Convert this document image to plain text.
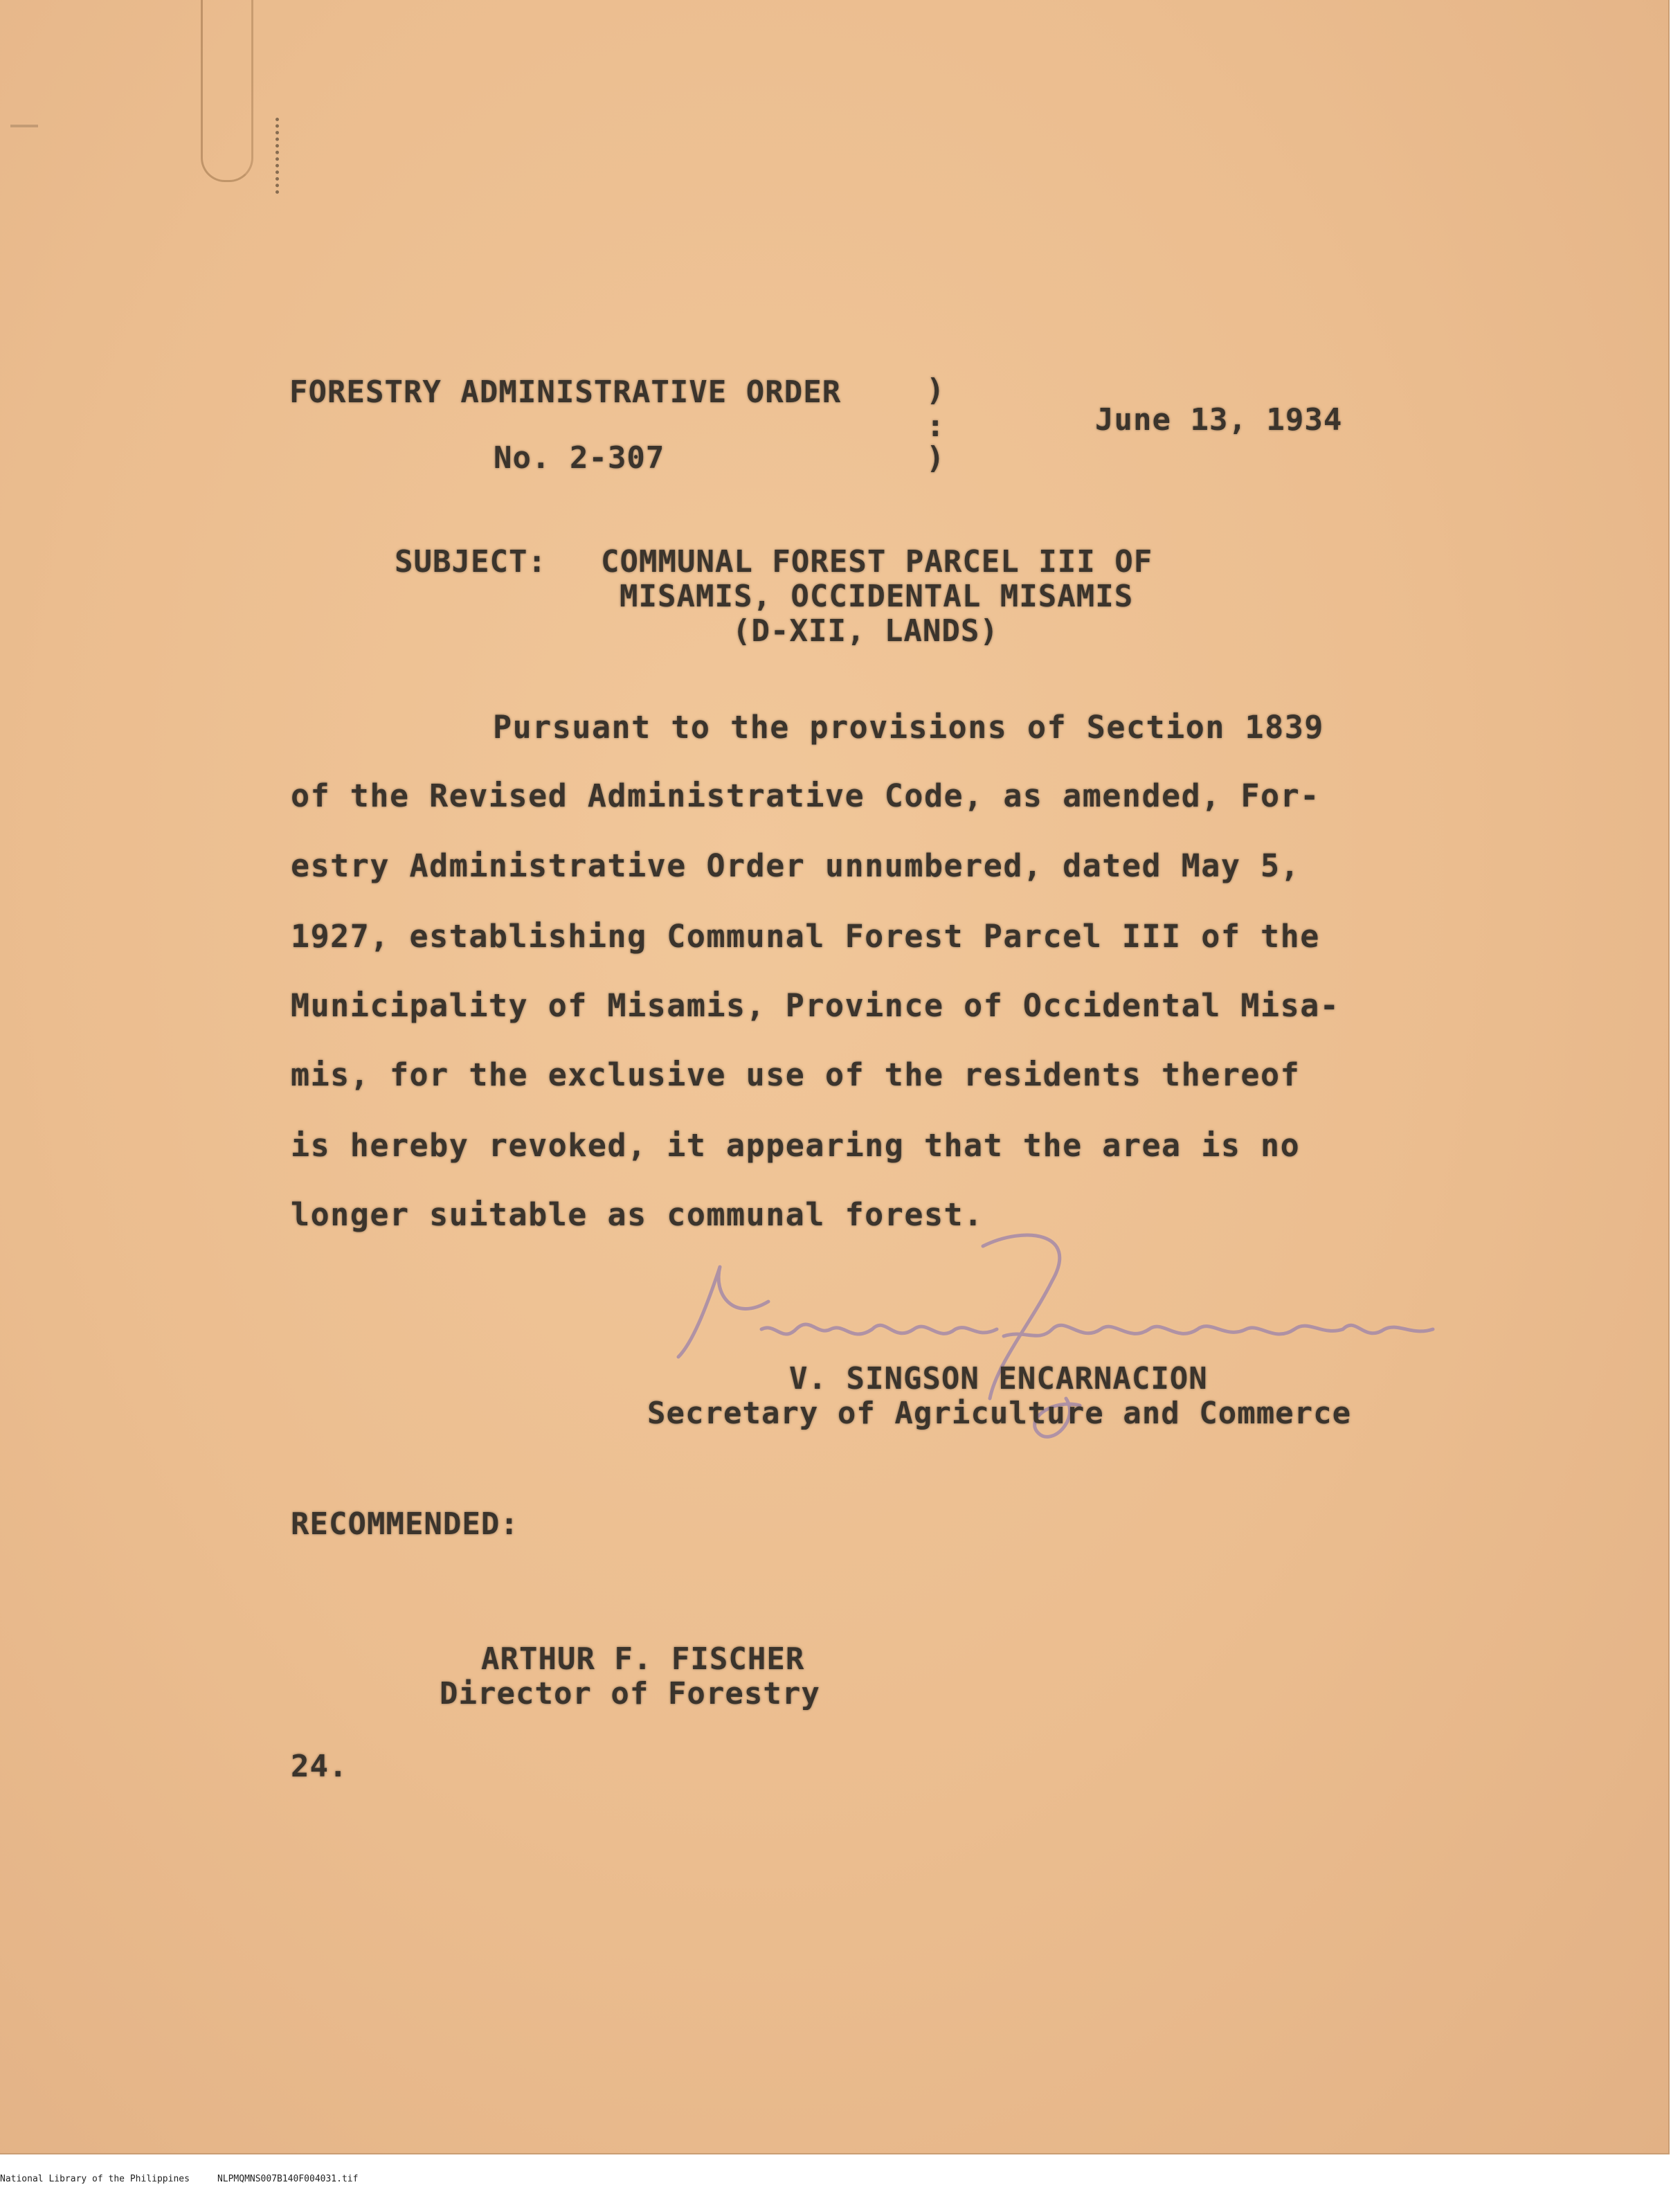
FORESTRY ADMINISTRATIVE ORDER
No. 2-307
)
:
)
June 13, 1934
SUBJECT: COMMUNAL FOREST PARCEL III OF
MISAMIS, OCCIDENTAL MISAMIS
(D-XII, LANDS)
Pursuant to the provisions of Section 1839
of the Revised Administrative Code, as amended, For-
estry Administrative Order unnumbered, dated May 5,
1927, establishing Communal Forest Parcel III of the
Municipality of Misamis, Province of Occidental Misa-
mis, for the exclusive use of the residents thereof
is hereby revoked, it appearing that the area is no
longer suitable as communal forest.
V. SINGSON ENCARNACION
Secretary of Agriculture and Commerce
RECOMMENDED:
ARTHUR F. FISCHER
Director of Forestry
24.
National Library of the Philippines	NLPMQMNS007B140F004031.tif
